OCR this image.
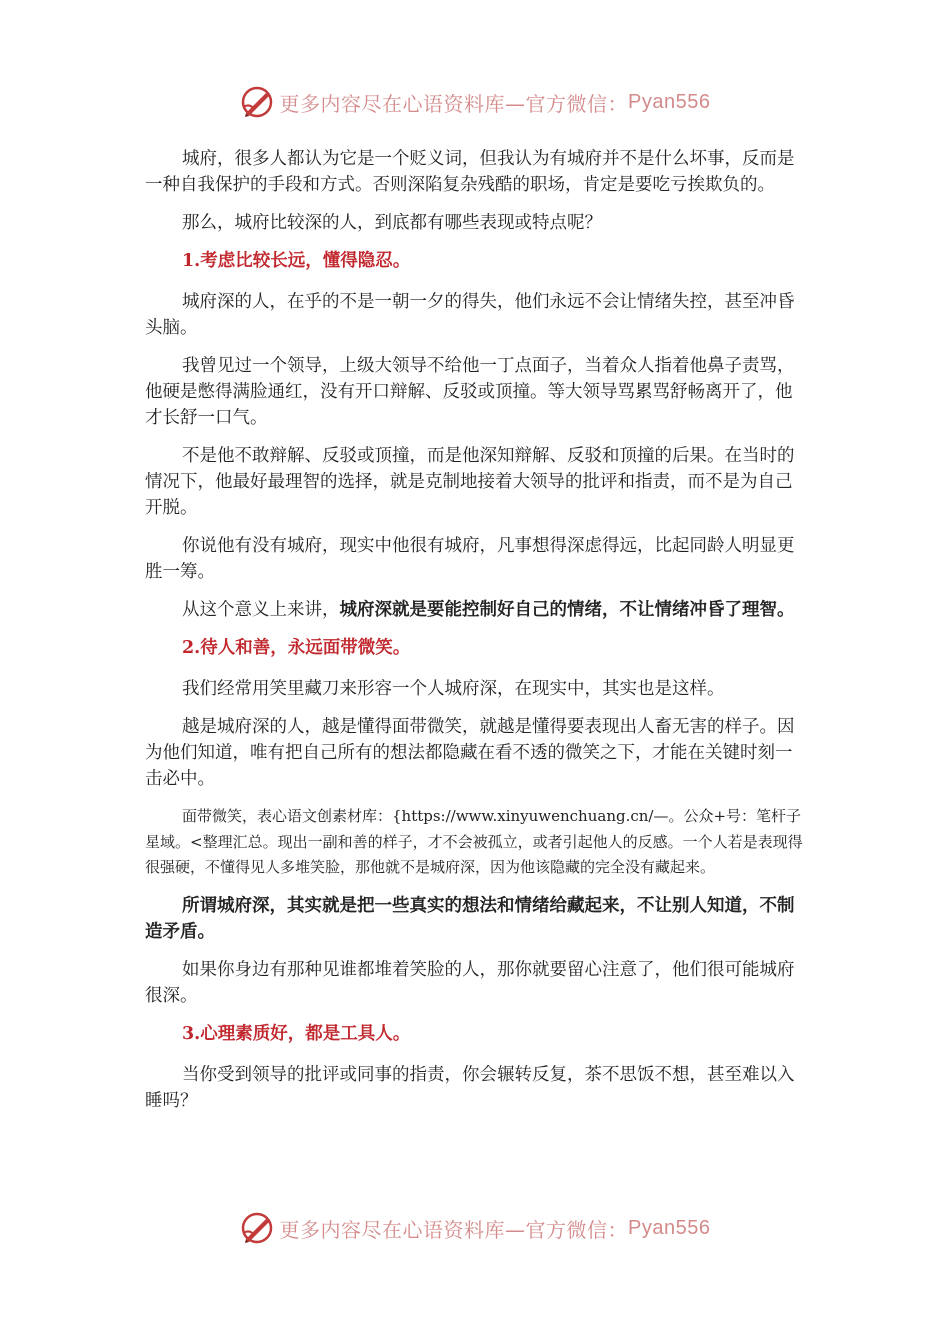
更多内容尽在心语资料库—官方微信： Pyan556

城府，很多人都认为它是一个贬义词，但我认为有城府并不是什么坏事，反而是一种自我保护的手段和方式。否则深陷复杂残酷的职场，肯定是要吃亏挨欺负的。

那么，城府比较深的人，到底都有哪些表现或特点呢？

1.考虑比较长远，懂得隐忍。

城府深的人，在乎的不是一朝一夕的得失，他们永远不会让情绪失控，甚至冲昏头脑。

我曾见过一个领导，上级大领导不给他一丁点面子，当着众人指着他鼻子责骂，他硬是憋得满脸通红，没有开口辩解、反驳或顶撞。等大领导骂累骂舒畅离开了，他才长舒一口气。

不是他不敢辩解、反驳或顶撞，而是他深知辩解、反驳和顶撞的后果。在当时的情况下，他最好最理智的选择，就是克制地接着大领导的批评和指责，而不是为自己开脱。

你说他有没有城府，现实中他很有城府，凡事想得深虑得远，比起同龄人明显更胜一筹。

从这个意义上来讲，城府深就是要能控制好自己的情绪，不让情绪冲昏了理智。

2.待人和善，永远面带微笑。

我们经常用笑里藏刀来形容一个人城府深，在现实中，其实也是这样。

越是城府深的人，越是懂得面带微笑，就越是懂得要表现出人畜无害的样子。因为他们知道，唯有把自己所有的想法都隐藏在看不透的微笑之下，才能在关键时刻一击必中。

面带微笑，表心语文创素材库：{https://www.xinyuwenchuang.cn/—。公众+号：笔杆子星域。<整理汇总。现出一副和善的样子，才不会被孤立，或者引起他人的反感。一个人若是表现得很强硬，不懂得见人多堆笑脸，那他就不是城府深，因为他该隐藏的完全没有藏起来。

所谓城府深，其实就是把一些真实的想法和情绪给藏起来，不让别人知道，不制造矛盾。

如果你身边有那种见谁都堆着笑脸的人，那你就要留心注意了，他们很可能城府很深。

3.心理素质好，都是工具人。

当你受到领导的批评或同事的指责，你会辗转反复，茶不思饭不想，甚至难以入睡吗？

更多内容尽在心语资料库—官方微信： Pyan556
